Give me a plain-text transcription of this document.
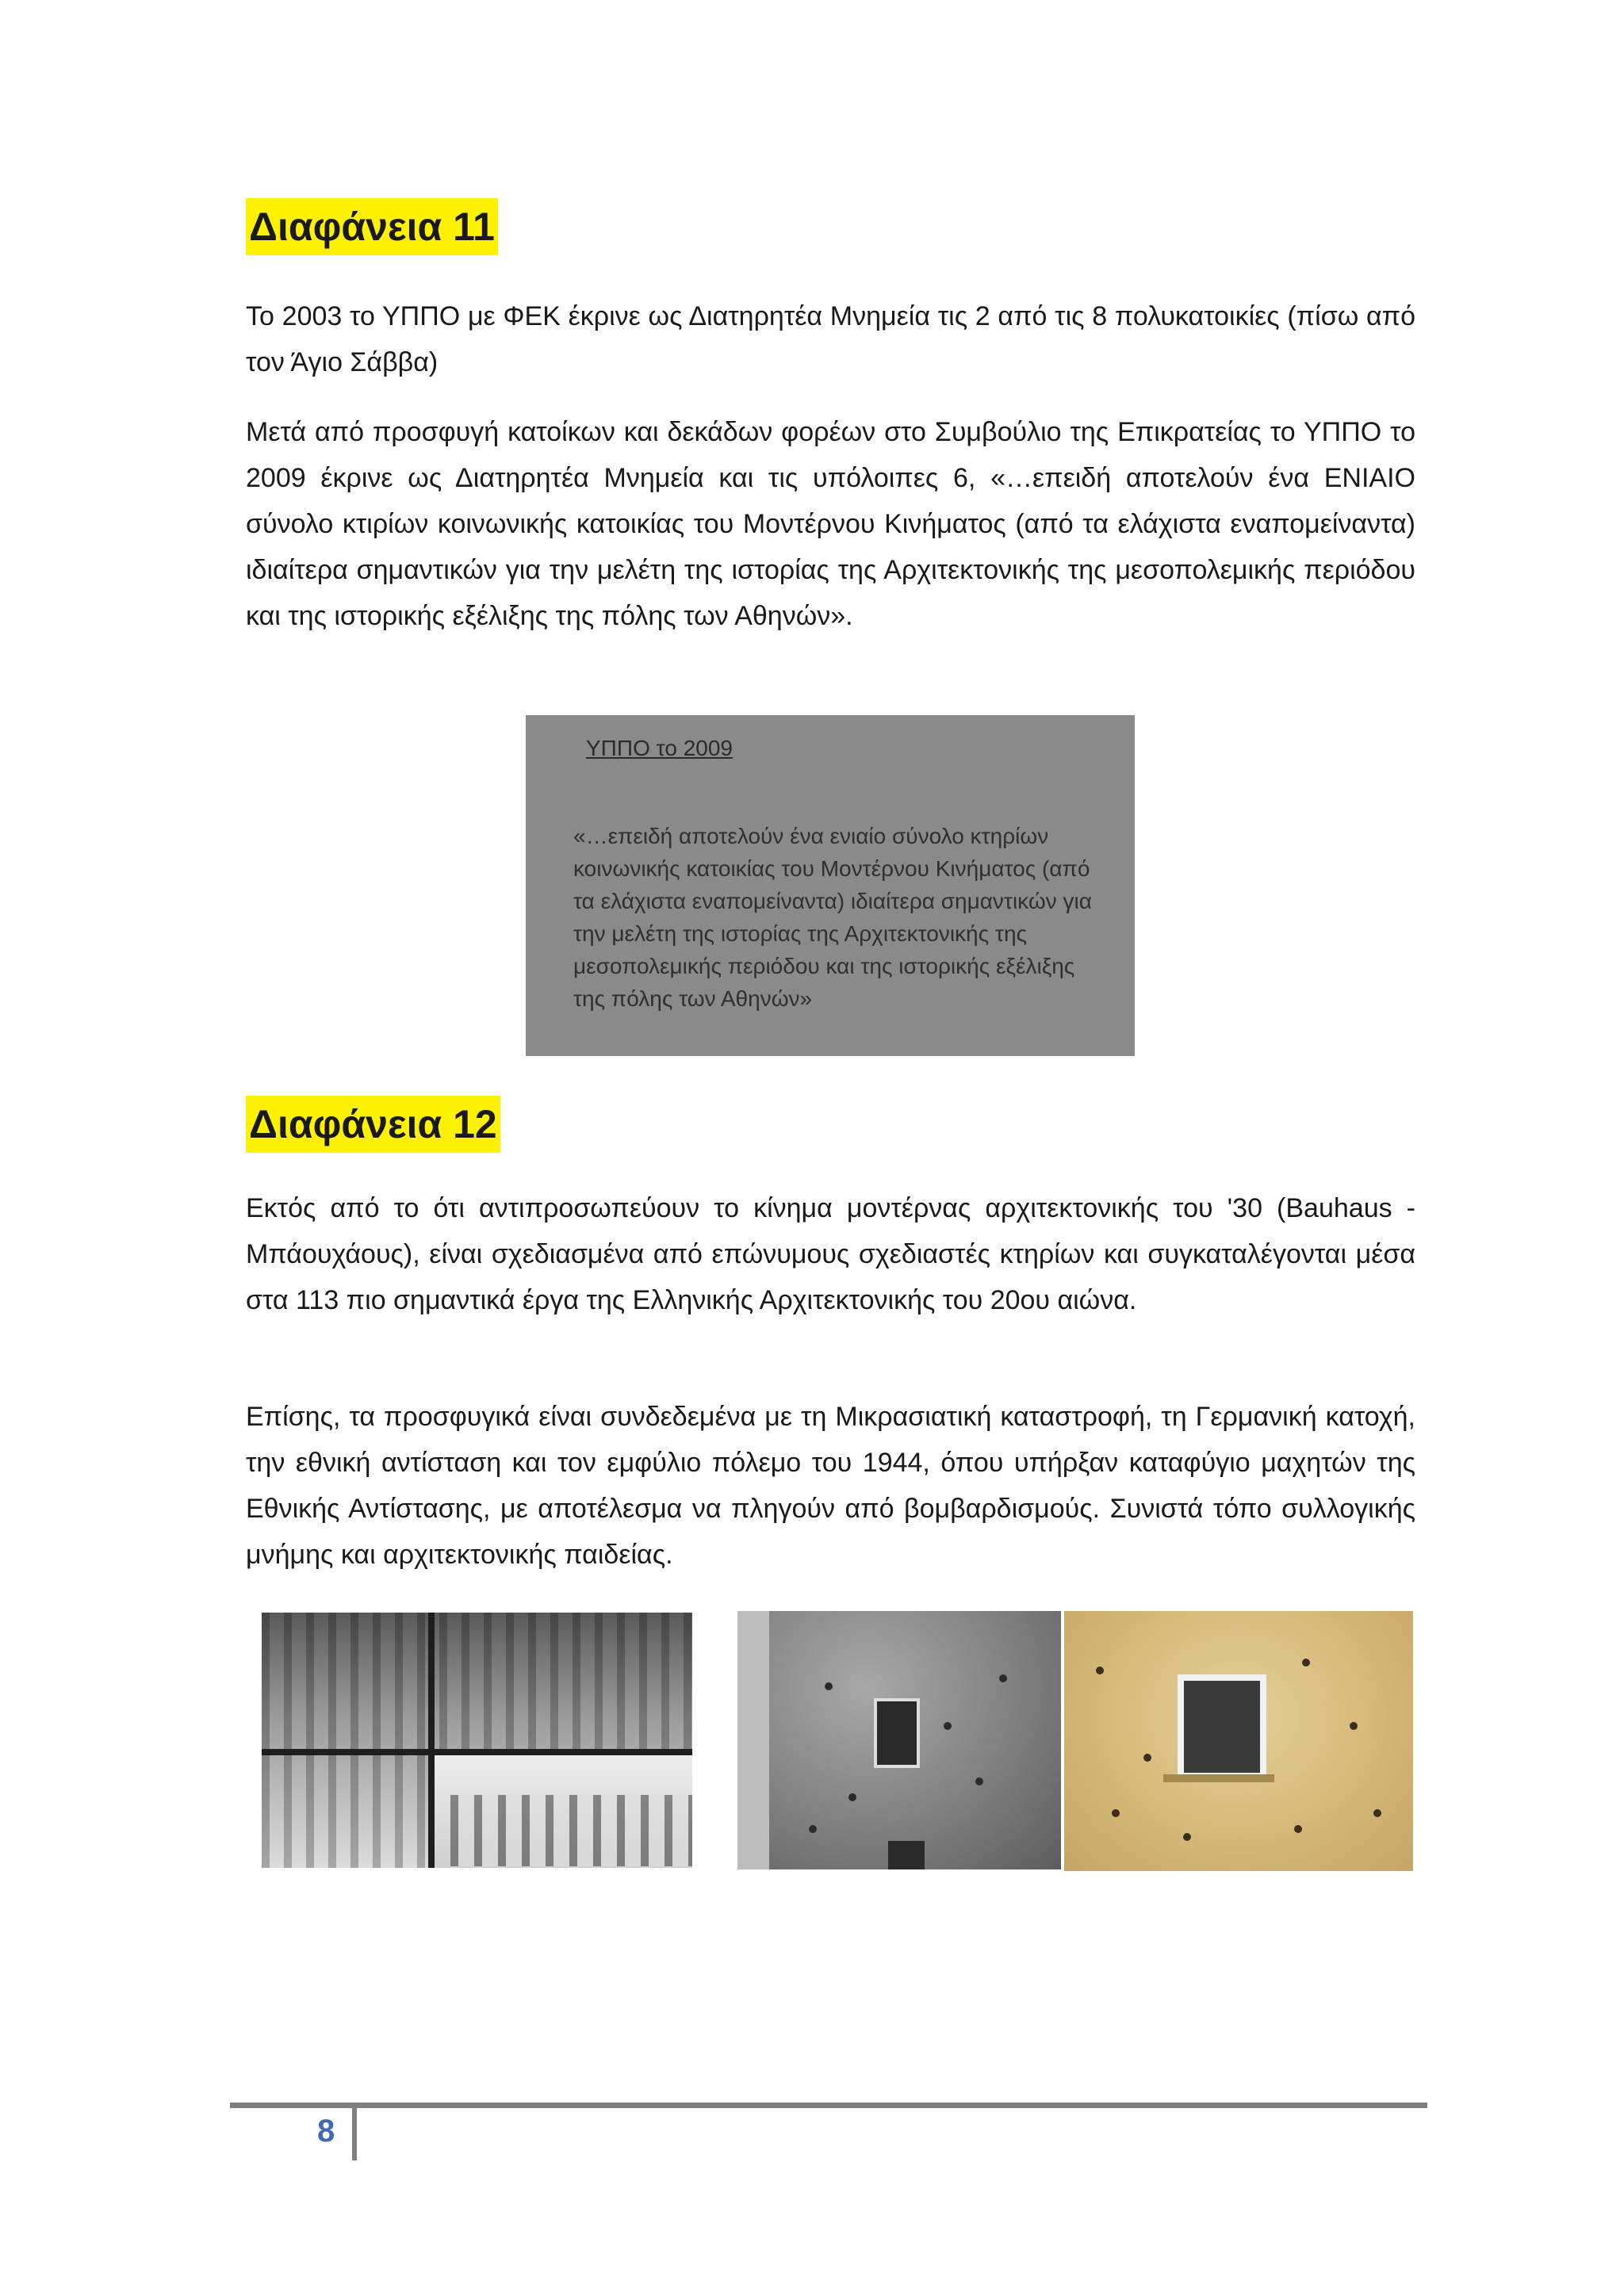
Διαφάνεια 11

Το 2003 το ΥΠΠΟ με ΦΕΚ έκρινε ως Διατηρητέα Μνημεία τις 2 από τις 8 πολυκατοικίες (πίσω από τον Άγιο Σάββα)

Μετά από προσφυγή κατοίκων και δεκάδων φορέων στο Συμβούλιο της Επικρατείας το ΥΠΠΟ το 2009 έκρινε ως Διατηρητέα Μνημεία και τις υπόλοιπες 6, «…επειδή αποτελούν ένα ΕΝΙΑΙΟ σύνολο κτιρίων κοινωνικής κατοικίας του Μοντέρνου Κινήματος (από τα ελάχιστα εναπομείναντα) ιδιαίτερα σημαντικών για την μελέτη της ιστορίας της Αρχιτεκτονικής της μεσοπολεμικής περιόδου και της ιστορικής εξέλιξης της πόλης των Αθηνών».

ΥΠΠΟ το 2009
«…επειδή αποτελούν ένα ενιαίο σύνολο κτηρίων κοινωνικής κατοικίας του Μοντέρνου Κινήματος (από τα ελάχιστα εναπομείναντα) ιδιαίτερα σημαντικών για την μελέτη της ιστορίας της Αρχιτεκτονικής της μεσοπολεμικής περιόδου και της ιστορικής εξέλιξης της πόλης των Αθηνών»
Διαφάνεια 12

Εκτός από το ότι αντιπροσωπεύουν το κίνημα μοντέρνας αρχιτεκτονικής του '30 (Bauhaus - Μπάουχάους), είναι σχεδιασμένα από επώνυμους σχεδιαστές κτηρίων και συγκαταλέγονται μέσα στα 113 πιο σημαντικά έργα της Ελληνικής Αρχιτεκτονικής του 20ου αιώνα.

Επίσης, τα προσφυγικά είναι συνδεδεμένα με τη Μικρασιατική καταστροφή, τη Γερμανική κατοχή, την εθνική αντίσταση και τον εμφύλιο πόλεμο του 1944, όπου υπήρξαν καταφύγιο μαχητών της Εθνικής Αντίστασης, με αποτέλεσμα να πληγούν από βομβαρδισμούς. Συνιστά τόπο συλλογικής μνήμης και αρχιτεκτονικής παιδείας.

8
